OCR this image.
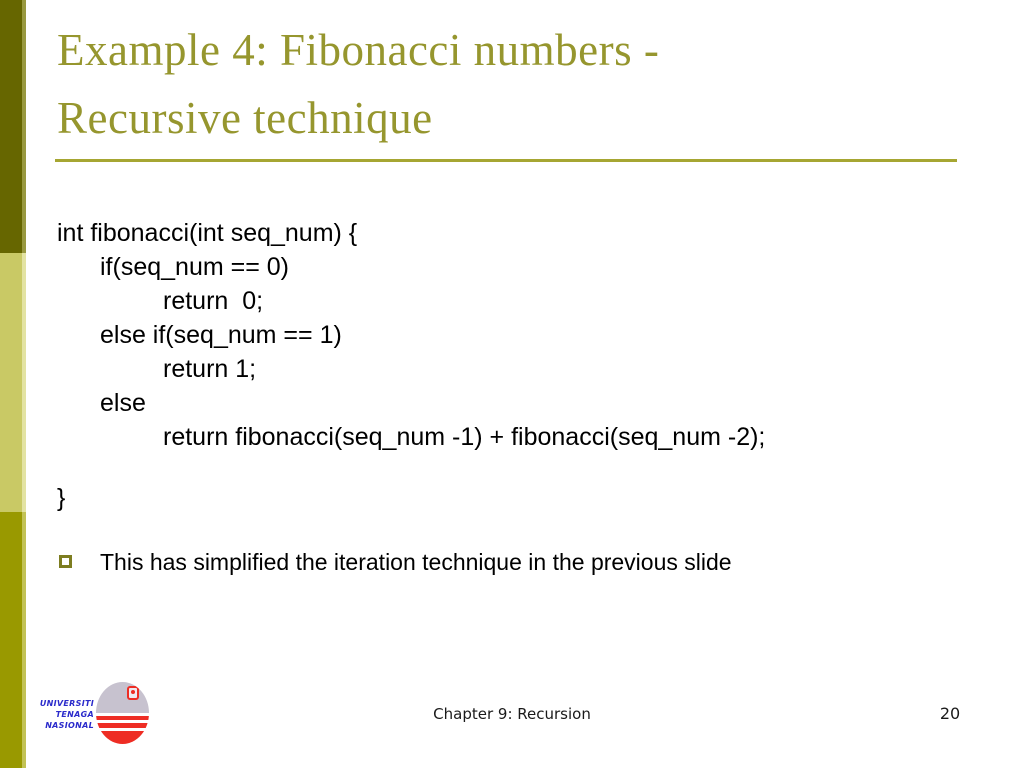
Example 4: Fibonacci numbers -
Recursive technique
int fibonacci(int seq_num) {
if(seq_num == 0)
return  0;
else if(seq_num == 1)
return 1;
else
return fibonacci(seq_num -1) + fibonacci(seq_num -2);

}
This has simplified the iteration technique in the previous slide
UNIVERSITI
TENAGA
NASIONAL
Chapter 9: Recursion	20
